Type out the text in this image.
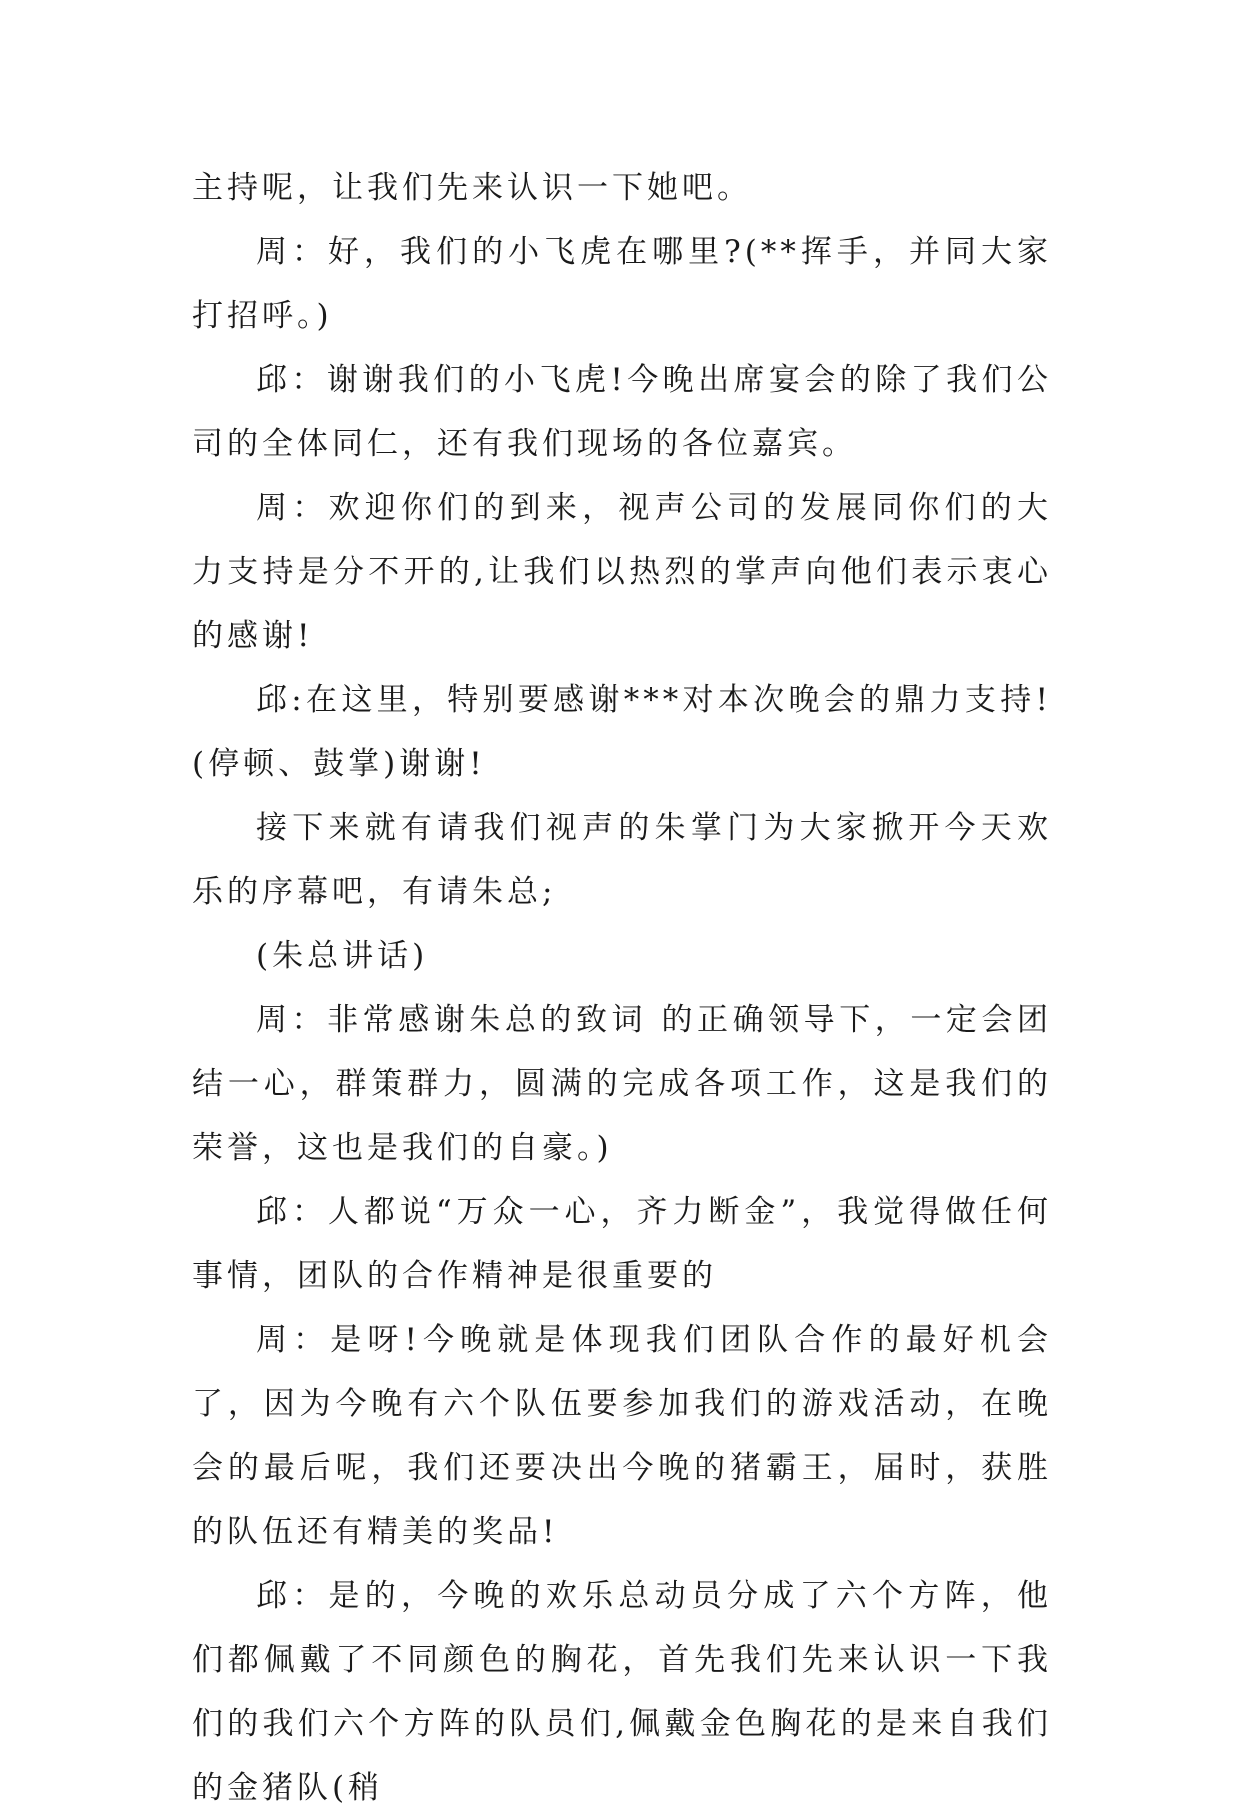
主持呢，让我们先来认识一下她吧。

周：好，我们的小飞虎在哪里?(**挥手，并同大家打招呼。)

邱：谢谢我们的小飞虎!今晚出席宴会的除了我们公司的全体同仁，还有我们现场的各位嘉宾。

周：欢迎你们的到来，视声公司的发展同你们的大力支持是分不开的,让我们以热烈的掌声向他们表示衷心的感谢!

邱:在这里，特别要感谢***对本次晚会的鼎力支持!(停顿、鼓掌)谢谢!

接下来就有请我们视声的朱掌门为大家掀开今天欢乐的序幕吧，有请朱总;

(朱总讲话)

周：非常感谢朱总的致词 的正确领导下，一定会团结一心，群策群力，圆满的完成各项工作，这是我们的荣誉，这也是我们的自豪。)

邱：人都说“万众一心，齐力断金”，我觉得做任何事情，团队的合作精神是很重要的

周：是呀!今晚就是体现我们团队合作的最好机会了，因为今晚有六个队伍要参加我们的游戏活动，在晚会的最后呢，我们还要决出今晚的猪霸王，届时，获胜的队伍还有精美的奖品!

邱：是的，今晚的欢乐总动员分成了六个方阵，他们都佩戴了不同颜色的胸花，首先我们先来认识一下我们的我们六个方阵的队员们,佩戴金色胸花的是来自我们的金猪队(稍
